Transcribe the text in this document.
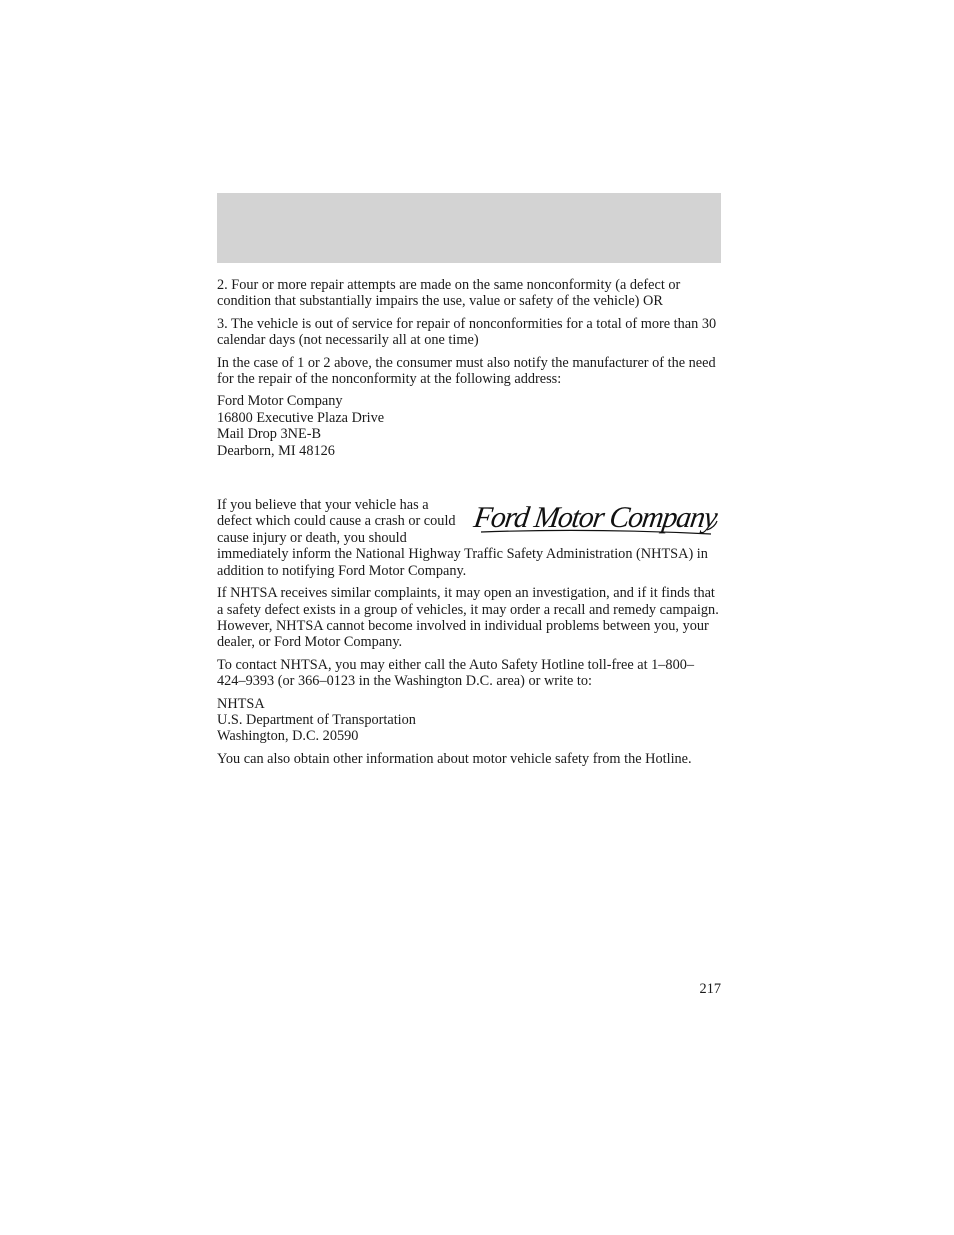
2. Four or more repair attempts are made on the same nonconformity (a defect or condition that substantially impairs the use, value or safety of the vehicle) OR

3. The vehicle is out of service for repair of nonconformities for a total of more than 30 calendar days (not necessarily all at one time)

In the case of 1 or 2 above, the consumer must also notify the manufacturer of the need for the repair of the nonconformity at the following address:

Ford Motor Company
16800 Executive Plaza Drive
Mail Drop 3NE-B
Dearborn, MI 48126

Ford Motor Company
If you believe that your vehicle has a defect which could cause a crash or could cause injury or death, you should immediately inform the National Highway Traffic Safety Administration (NHTSA) in addition to notifying Ford Motor Company.

If NHTSA receives similar complaints, it may open an investigation, and if it finds that a safety defect exists in a group of vehicles, it may order a recall and remedy campaign. However, NHTSA cannot become involved in individual problems between you, your dealer, or Ford Motor Company.

To contact NHTSA, you may either call the Auto Safety Hotline toll-free at 1–800–424–9393 (or 366–0123 in the Washington D.C. area) or write to:

NHTSA
U.S. Department of Transportation
Washington, D.C. 20590

You can also obtain other information about motor vehicle safety from the Hotline.

217
